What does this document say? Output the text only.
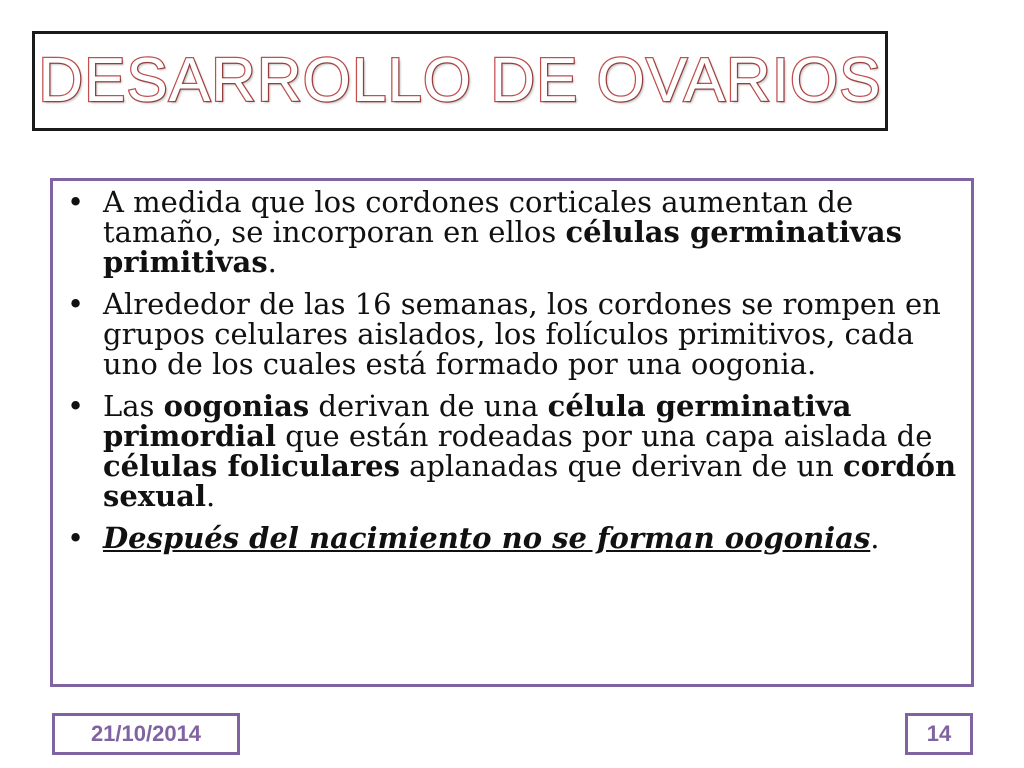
DESARROLLO DE OVARIOS
• A medida que los cordones corticales aumentan de tamaño, se incorporan en ellos células germinativas primitivas.
• Alrededor de las 16 semanas, los cordones se rompen en grupos celulares aislados, los folículos primitivos, cada uno de los cuales está formado por una oogonia.
• Las oogonias derivan de una célula germinativa primordial que están rodeadas por una capa aislada de células foliculares aplanadas que derivan de un cordón sexual.
• Después del nacimiento no se forman oogonias.
21/10/2014	14
